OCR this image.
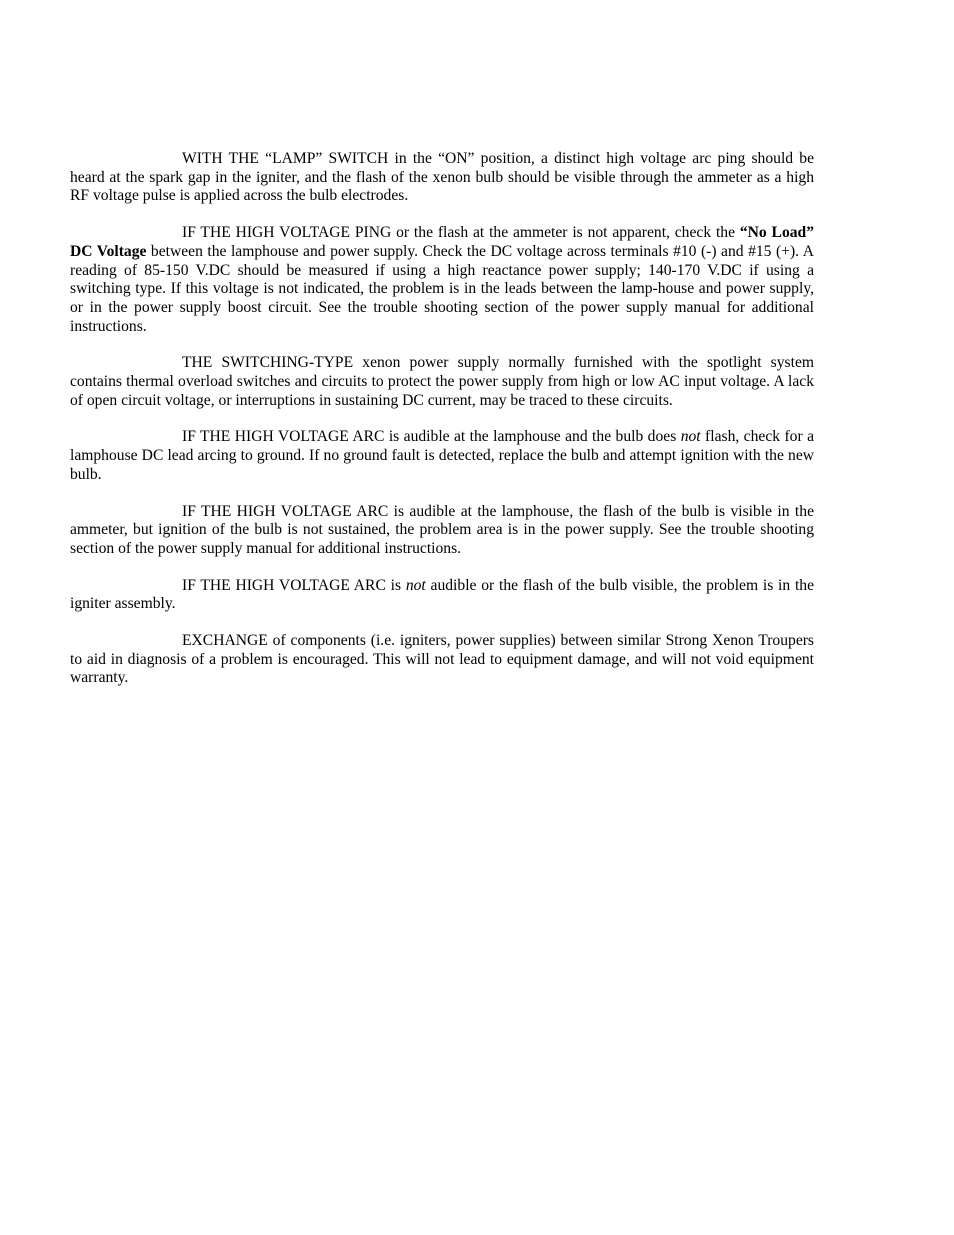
WITH THE “LAMP” SWITCH in the “ON” position, a distinct high voltage arc ping should be heard at the spark gap in the igniter, and the flash of the xenon bulb should be visible through the ammeter as a high RF voltage pulse is applied across the bulb electrodes.

IF THE HIGH VOLTAGE PING or the flash at the ammeter is not apparent, check the “No Load” DC Voltage between the lamphouse and power supply. Check the DC voltage across terminals #10 (-) and #15 (+). A reading of 85-150 V.DC should be measured if using a high reactance power supply; 140-170 V.DC if using a switching type. If this voltage is not indicated, the problem is in the leads between the lamp-house and power supply, or in the power supply boost circuit. See the trouble shooting section of the power supply manual for additional instructions.

THE SWITCHING-TYPE xenon power supply normally furnished with the spotlight system contains thermal overload switches and circuits to protect the power supply from high or low AC input voltage. A lack of open circuit voltage, or interruptions in sustaining DC current, may be traced to these circuits.

IF THE HIGH VOLTAGE ARC is audible at the lamphouse and the bulb does not flash, check for a lamphouse DC lead arcing to ground. If no ground fault is detected, replace the bulb and attempt ignition with the new bulb.

IF THE HIGH VOLTAGE ARC is audible at the lamphouse, the flash of the bulb is visible in the ammeter, but ignition of the bulb is not sustained, the problem area is in the power supply. See the trouble shooting section of the power supply manual for additional instructions.

IF THE HIGH VOLTAGE ARC is not audible or the flash of the bulb visible, the problem is in the igniter assembly.

EXCHANGE of components (i.e. igniters, power supplies) between similar Strong Xenon Troupers to aid in diagnosis of a problem is encouraged. This will not lead to equipment damage, and will not void equipment warranty.
